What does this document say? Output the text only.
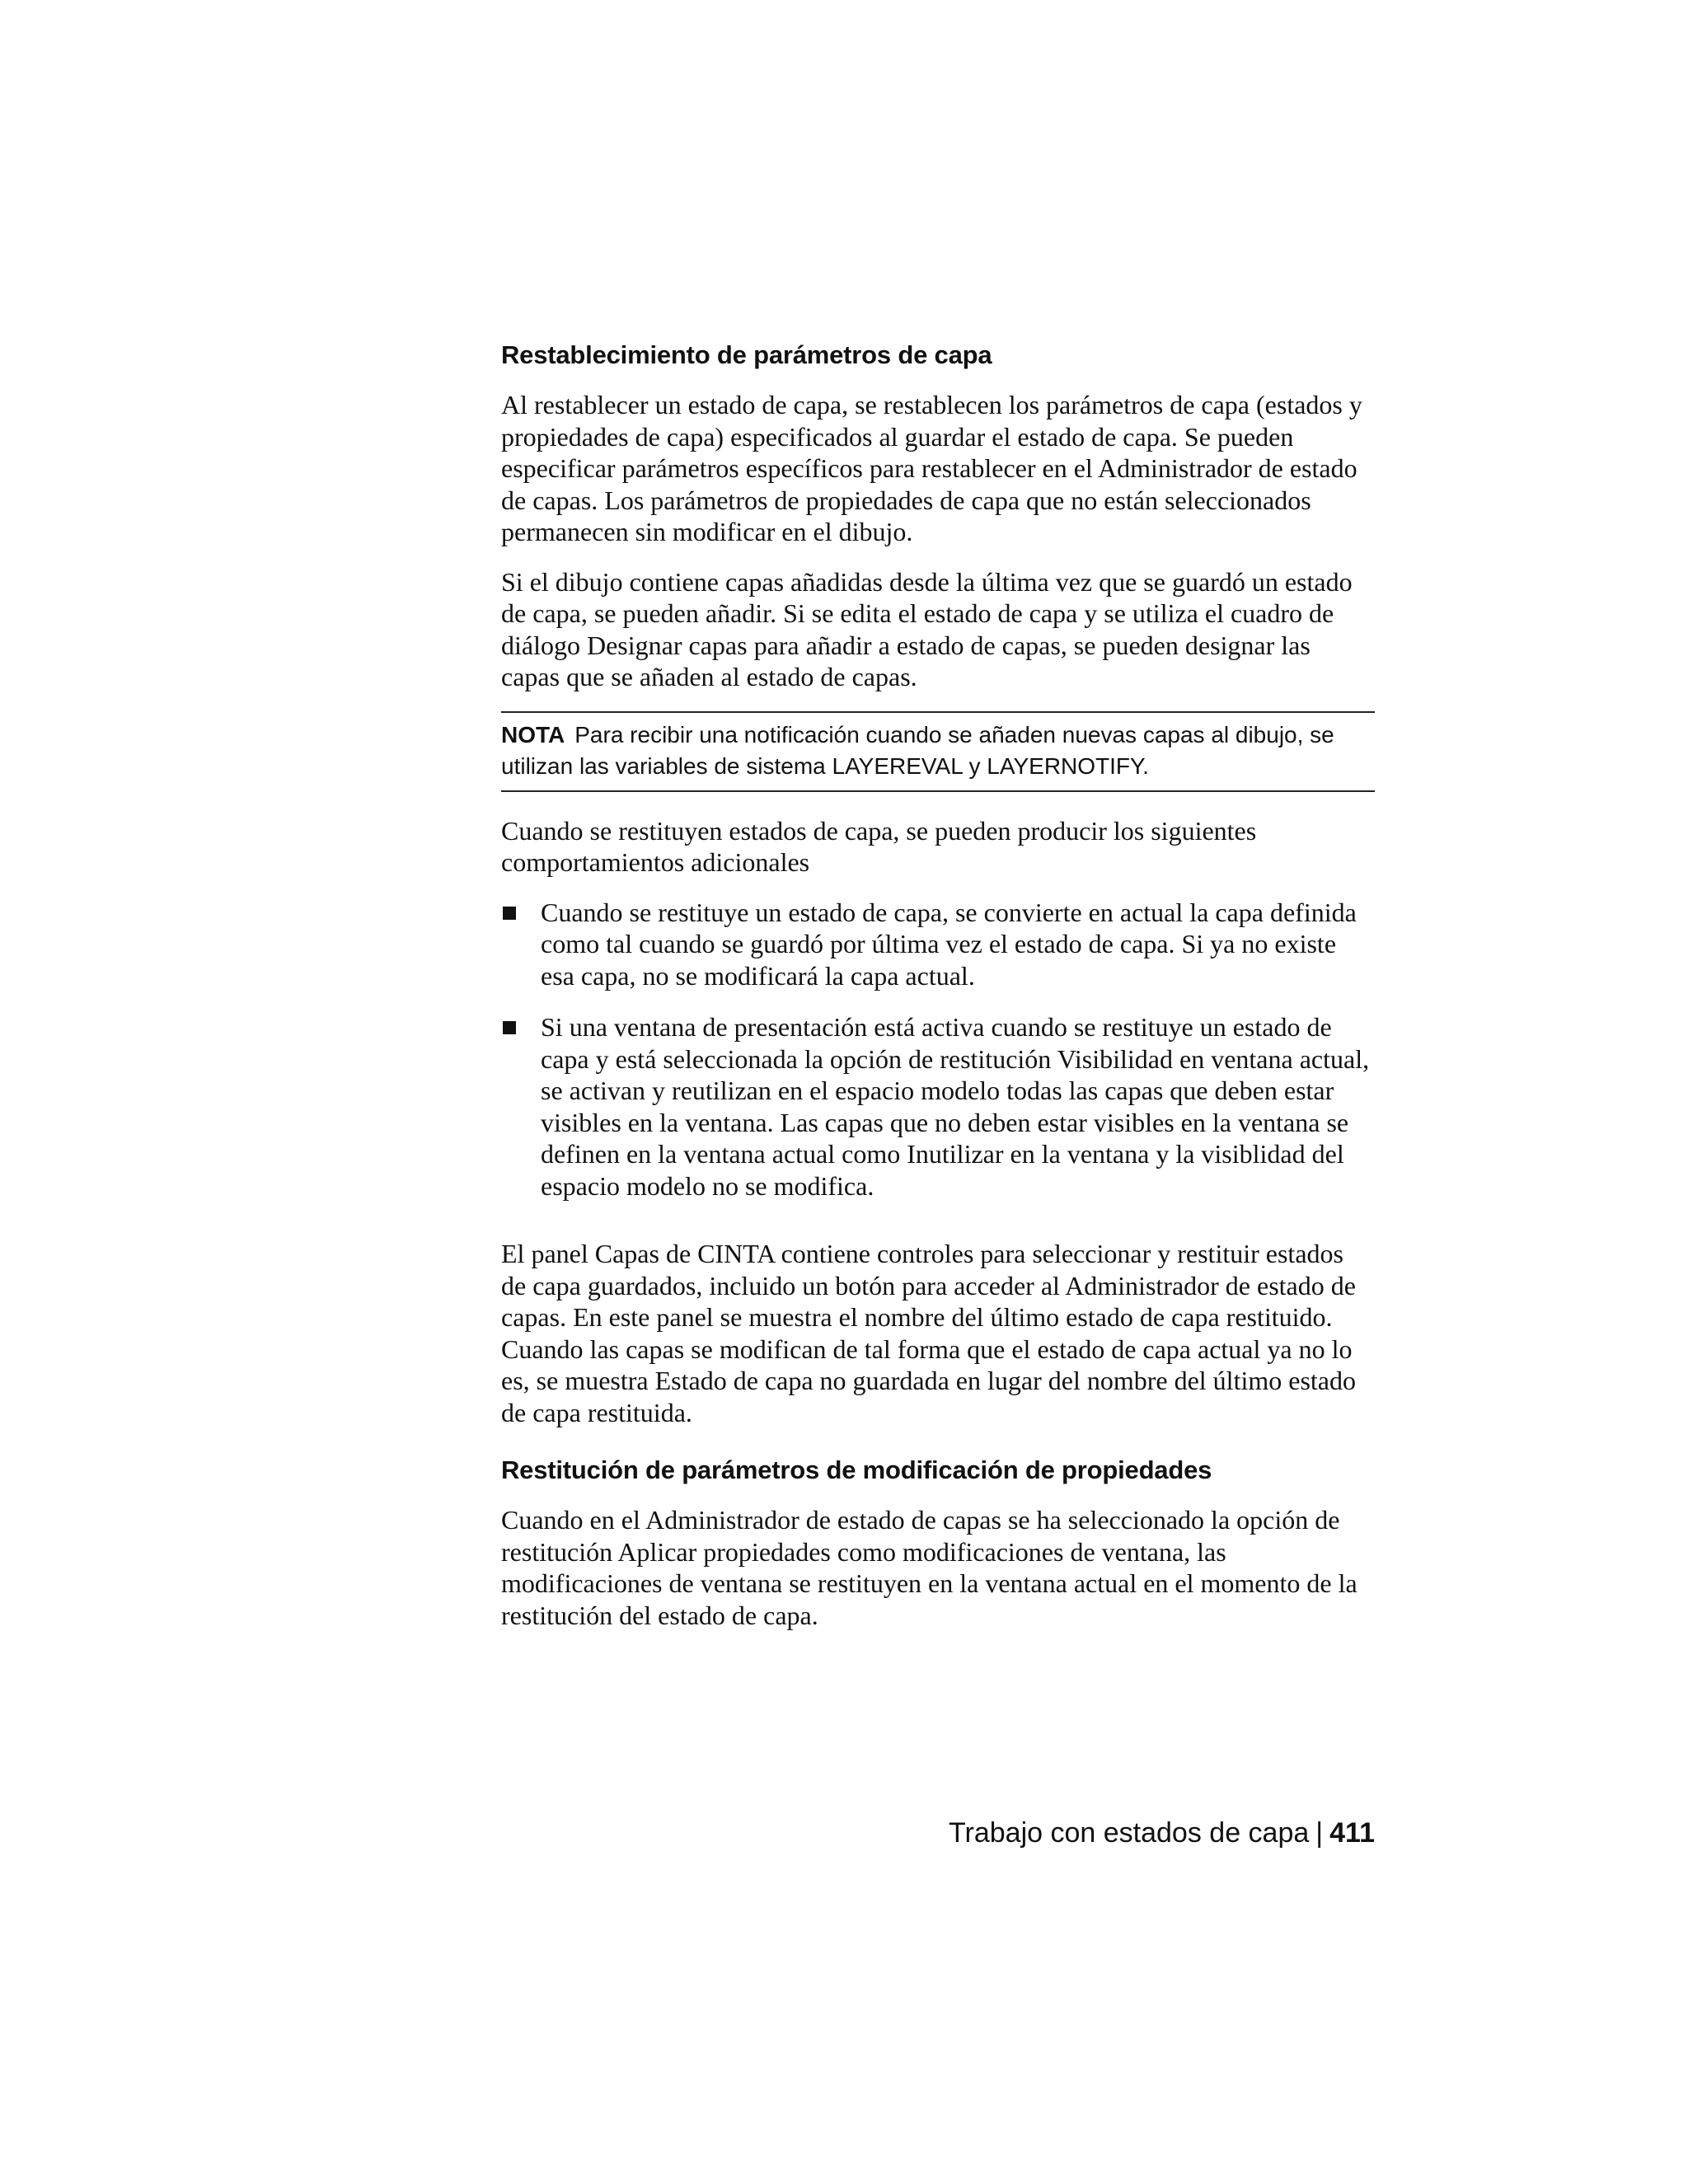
Restablecimiento de parámetros de capa

Al restablecer un estado de capa, se restablecen los parámetros de capa (estados y propiedades de capa) especificados al guardar el estado de capa. Se pueden especificar parámetros específicos para restablecer en el Administrador de estado de capas. Los parámetros de propiedades de capa que no están seleccionados permanecen sin modificar en el dibujo.

Si el dibujo contiene capas añadidas desde la última vez que se guardó un estado de capa, se pueden añadir. Si se edita el estado de capa y se utiliza el cuadro de diálogo Designar capas para añadir a estado de capas, se pueden designar las capas que se añaden al estado de capas.

NOTA Para recibir una notificación cuando se añaden nuevas capas al dibujo, se utilizan las variables de sistema LAYEREVAL y LAYERNOTIFY.

Cuando se restituyen estados de capa, se pueden producir los siguientes comportamientos adicionales

Cuando se restituye un estado de capa, se convierte en actual la capa definida como tal cuando se guardó por última vez el estado de capa. Si ya no existe esa capa, no se modificará la capa actual.
Si una ventana de presentación está activa cuando se restituye un estado de capa y está seleccionada la opción de restitución Visibilidad en ventana actual, se activan y reutilizan en el espacio modelo todas las capas que deben estar visibles en la ventana. Las capas que no deben estar visibles en la ventana se definen en la ventana actual como Inutilizar en la ventana y la visiblidad del espacio modelo no se modifica.

El panel Capas de CINTA contiene controles para seleccionar y restituir estados de capa guardados, incluido un botón para acceder al Administrador de estado de capas. En este panel se muestra el nombre del último estado de capa restituido. Cuando las capas se modifican de tal forma que el estado de capa actual ya no lo es, se muestra Estado de capa no guardada en lugar del nombre del último estado de capa restituida.

Restitución de parámetros de modificación de propiedades

Cuando en el Administrador de estado de capas se ha seleccionado la opción de restitución Aplicar propiedades como modificaciones de ventana, las modificaciones de ventana se restituyen en la ventana actual en el momento de la restitución del estado de capa.

Trabajo con estados de capa | 411
